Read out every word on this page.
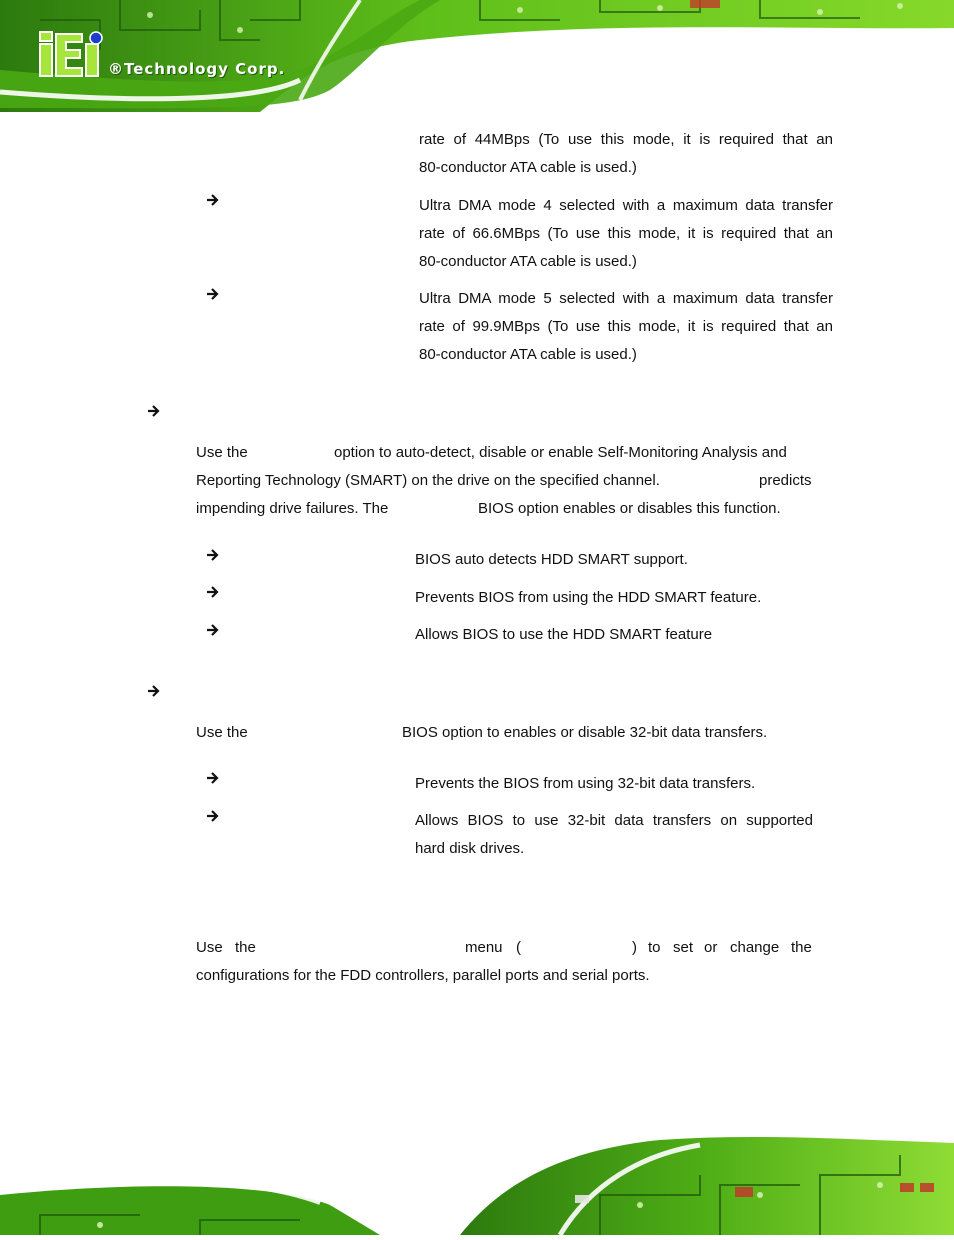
®Technology Corp.
rate of 44MBps (To use this mode, it is required that an
80-conductor ATA cable is used.)
Ultra DMA mode 4 selected with a maximum data transfer
rate of 66.6MBps (To use this mode, it is required that an
80-conductor ATA cable is used.)
Ultra DMA mode 5 selected with a maximum data transfer
rate of 99.9MBps (To use this mode, it is required that an
80-conductor ATA cable is used.)
Use the	option to auto-detect, disable or enable Self-Monitoring Analysis and
Reporting Technology (SMART) on the drive on the specified channel.	predicts
impending drive failures. The	BIOS option enables or disables this function.
BIOS auto detects HDD SMART support.
Prevents BIOS from using the HDD SMART feature.
Allows BIOS to use the HDD SMART feature
Use the	BIOS option to enables or disable 32-bit data transfers.
Prevents the BIOS from using 32-bit data transfers.
Allows BIOS to use 32-bit data transfers on supported
hard disk drives.
Use the	menu (	) to set or change the
configurations for the FDD controllers, parallel ports and serial ports.
